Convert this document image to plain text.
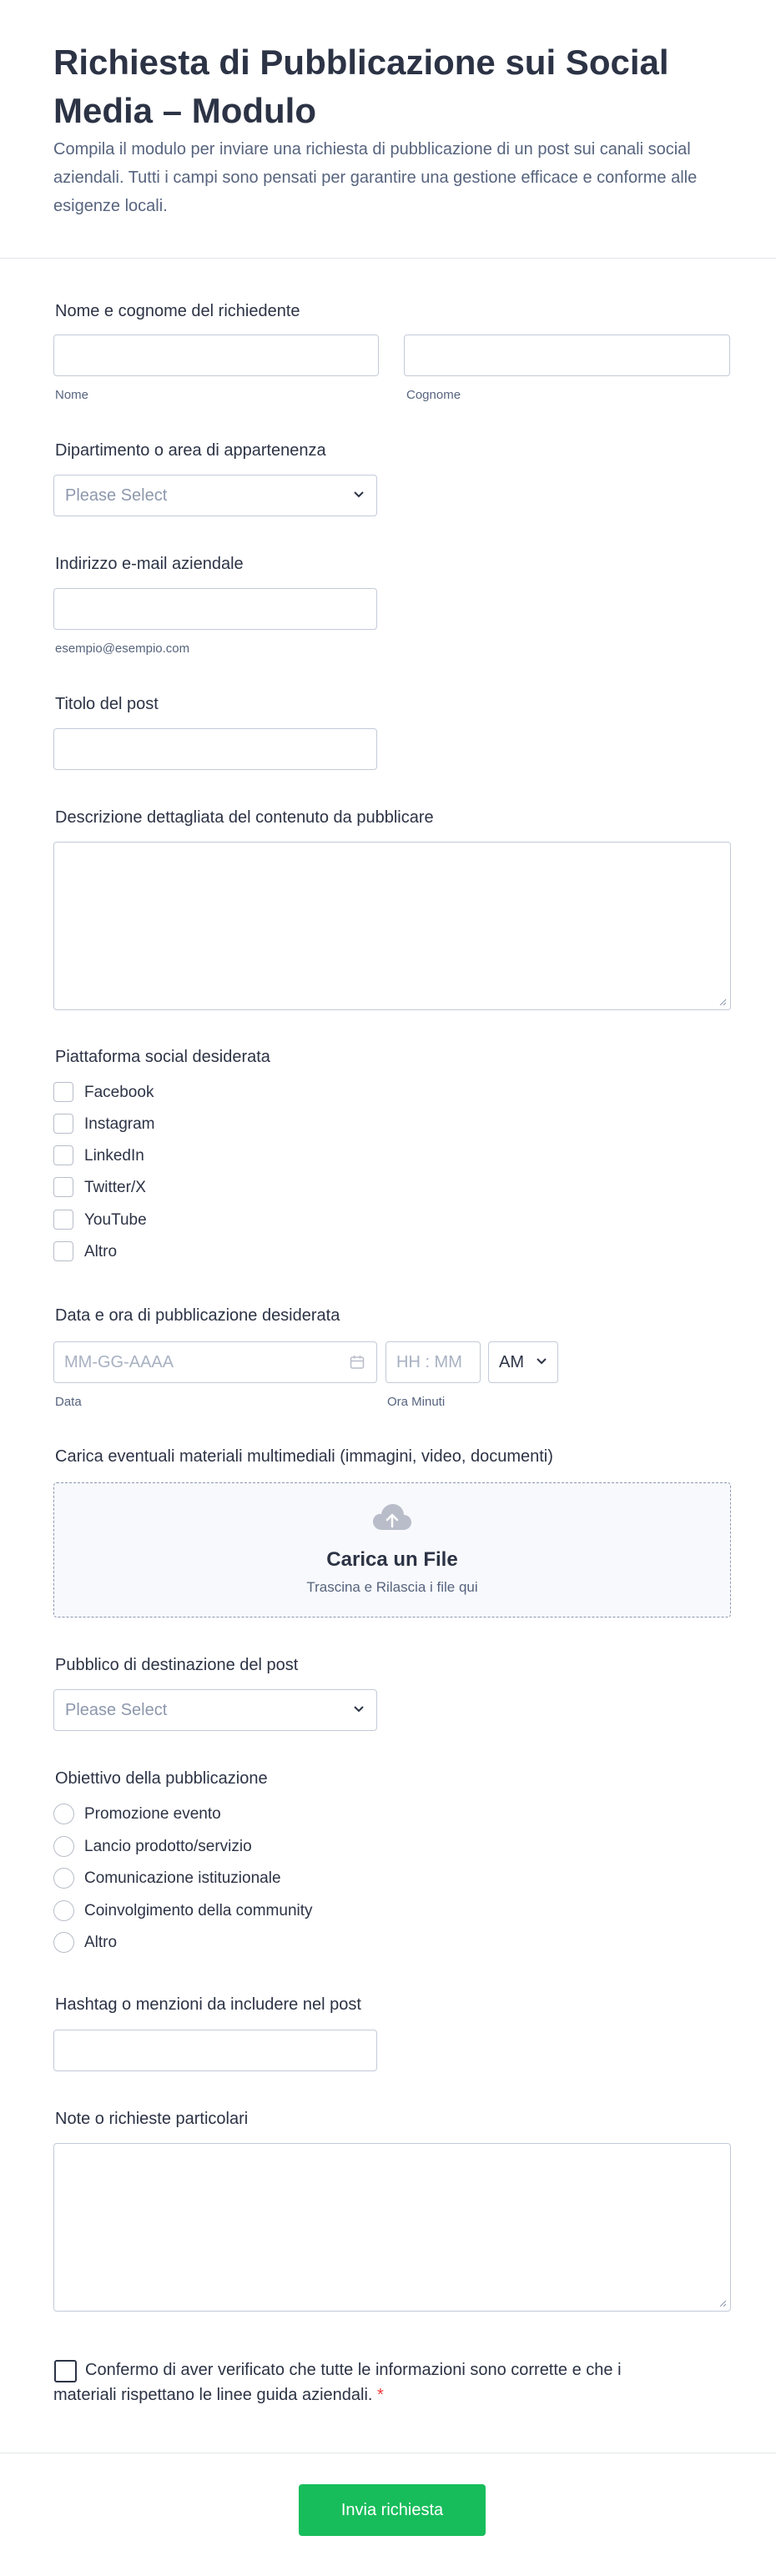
Richiesta di Pubblicazione sui Social Media – Modulo

Compila il modulo per inviare una richiesta di pubblicazione di un post sui canali social aziendali. Tutti i campi sono pensati per garantire una gestione efficace e conforme alle esigenze locali.

Nome e cognome del richiedente
Nome	Cognome
Dipartimento o area di appartenenza
Please Select
Indirizzo e-mail aziendale
esempio@esempio.com
Titolo del post
Descrizione dettagliata del contenuto da pubblicare
Piattaforma social desiderata
Facebook
Instagram
LinkedIn
Twitter/X
YouTube
Altro
Data e ora di pubblicazione desiderata
MM-GG-AAAA	HH : MM AM
Data	Ora Minuti
Carica eventuali materiali multimediali (immagini, video, documenti)
Carica un File
Trascina e Rilascia i file qui
Pubblico di destinazione del post
Please Select
Obiettivo della pubblicazione
Promozione evento
Lancio prodotto/servizio
Comunicazione istituzionale
Coinvolgimento della community
Altro
Hashtag o menzioni da includere nel post
Note o richieste particolari

Confermo di aver verificato che tutte le informazioni sono corrette e che i materiali rispettano le linee guida aziendali. *

Invia richiesta
